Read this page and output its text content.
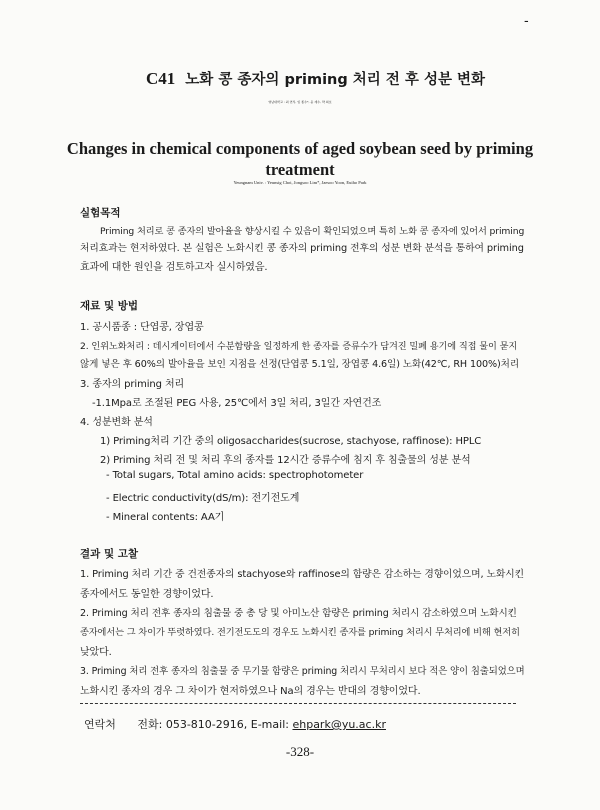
-
C41 노화 콩 종자의 priming 처리 전 후 성분 변화
영남대학교 : 최 연식, 임 종수*, 윤 재수, 박 의호
Changes in chemical components of aged soybean seed by priming treatment
Yeungnam Univ. : Yeunsig Choi, Jongsoo Lim*, Jaesoo Yoon, Euiho Park
실험목적
Priming 처리로 콩 종자의 발아율을 향상시킬 수 있음이 확인되었으며 특히 노화 콩 종자에 있어서 priming
처리효과는 현저하였다. 본 실험은 노화시킨 콩 종자의 priming 전후의 성분 변화 분석을 통하여 priming
효과에 대한 원인을 검토하고자 실시하였음.
재료 및 방법
1. 공시품종 : 단엽콩, 장엽콩
2. 인위노화처리 : 데시게이터에서 수분함량을 일정하게 한 종자를 증류수가 담겨진 밀폐 용기에 직접 물이 묻지
않게 넣은 후 60%의 발아율을 보인 지점을 선정(단엽콩 5.1일, 장엽콩 4.6일) 노화(42℃, RH 100%)처리
3. 종자의 priming 처리
-1.1Mpa로 조절된 PEG 사용, 25℃에서 3일 처리, 3일간 자연건조
4. 성분변화 분석
1) Priming처리 기간 중의 oligosaccharides(sucrose, stachyose, raffinose): HPLC
2) Priming 처리 전 및 처리 후의 종자를 12시간 증류수에 침지 후 침출물의 성분 분석
- Total sugars, Total amino acids: spectrophotometer
- Electric conductivity(dS/m): 전기전도계
- Mineral contents: AA기
결과 및 고찰
1. Priming 처리 기간 중 건전종자의 stachyose와 raffinose의 함량은 감소하는 경향이었으며, 노화시킨
종자에서도 동일한 경향이었다.
2. Priming 처리 전후 종자의 침출물 중 총 당 및 아미노산 함량은 priming 처리시 감소하였으며 노화시킨
종자에서는 그 차이가 뚜렷하였다. 전기전도도의 경우도 노화시킨 종자를 priming 처리시 무처리에 비해 현저히
낮았다.
3. Priming 처리 전후 종자의 침출물 중 무기물 함량은 priming 처리시 무처리시 보다 적은 양이 침출되었으며
노화시킨 종자의 경우 그 차이가 현저하였으나 Na의 경우는 반대의 경향이었다.
연락처 전화: 053-810-2916, E-mail: ehpark@yu.ac.kr
-328-
